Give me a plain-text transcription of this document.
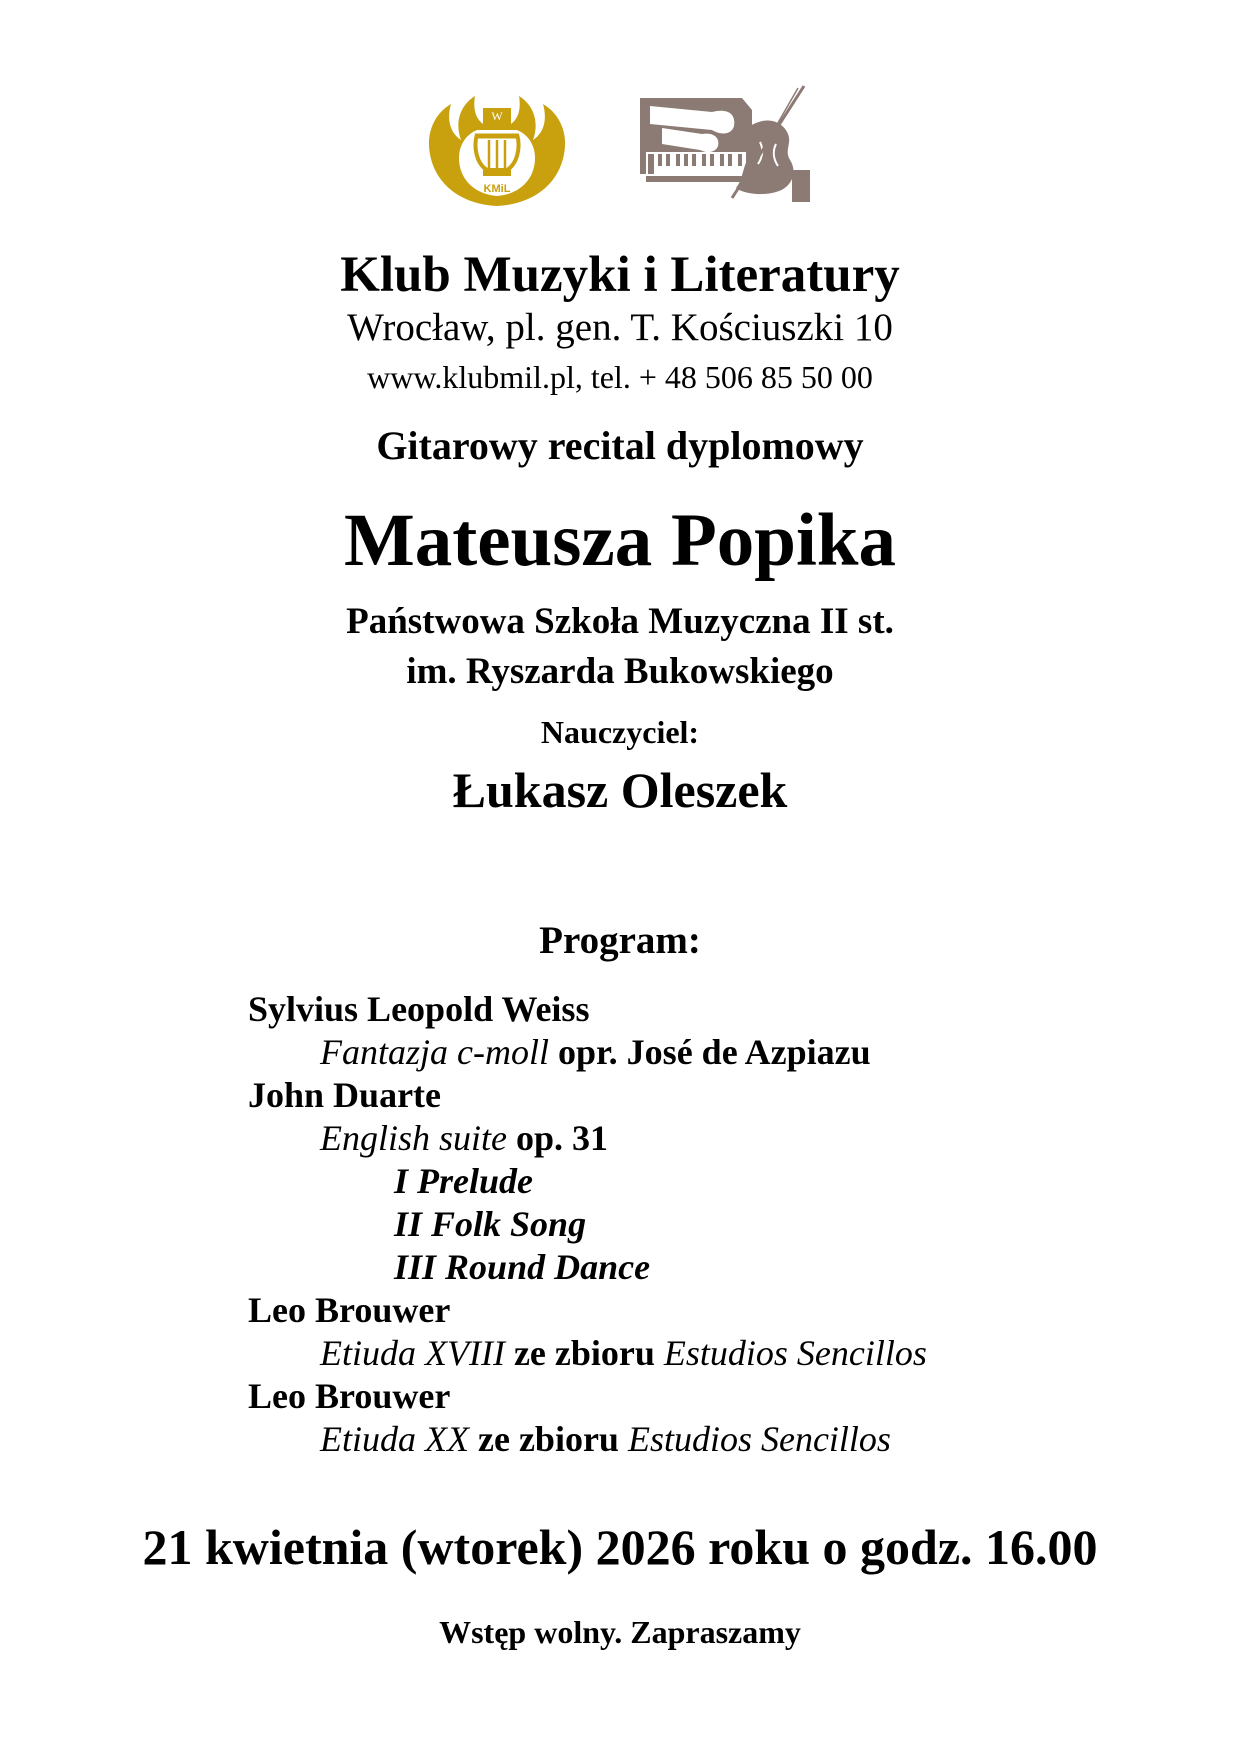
KMiL
W
Klub Muzyki i Literatury
Wrocław, pl. gen. T. Kościuszki 10
www.klubmil.pl, tel. + 48 506 85 50 00
Gitarowy recital dyplomowy
Mateusza Popika
Państwowa Szkoła Muzyczna II st.
im. Ryszarda Bukowskiego
Nauczyciel:
Łukasz Oleszek
Program:
Sylvius Leopold Weiss
Fantazja c-moll opr. José de Azpiazu
John Duarte
English suite op. 31
I Prelude
II Folk Song
III Round Dance
Leo Brouwer
Etiuda XVIII ze zbioru Estudios Sencillos
Leo Brouwer
Etiuda XX ze zbioru Estudios Sencillos
21 kwietnia (wtorek) 2026 roku o godz. 16.00
Wstęp wolny. Zapraszamy
